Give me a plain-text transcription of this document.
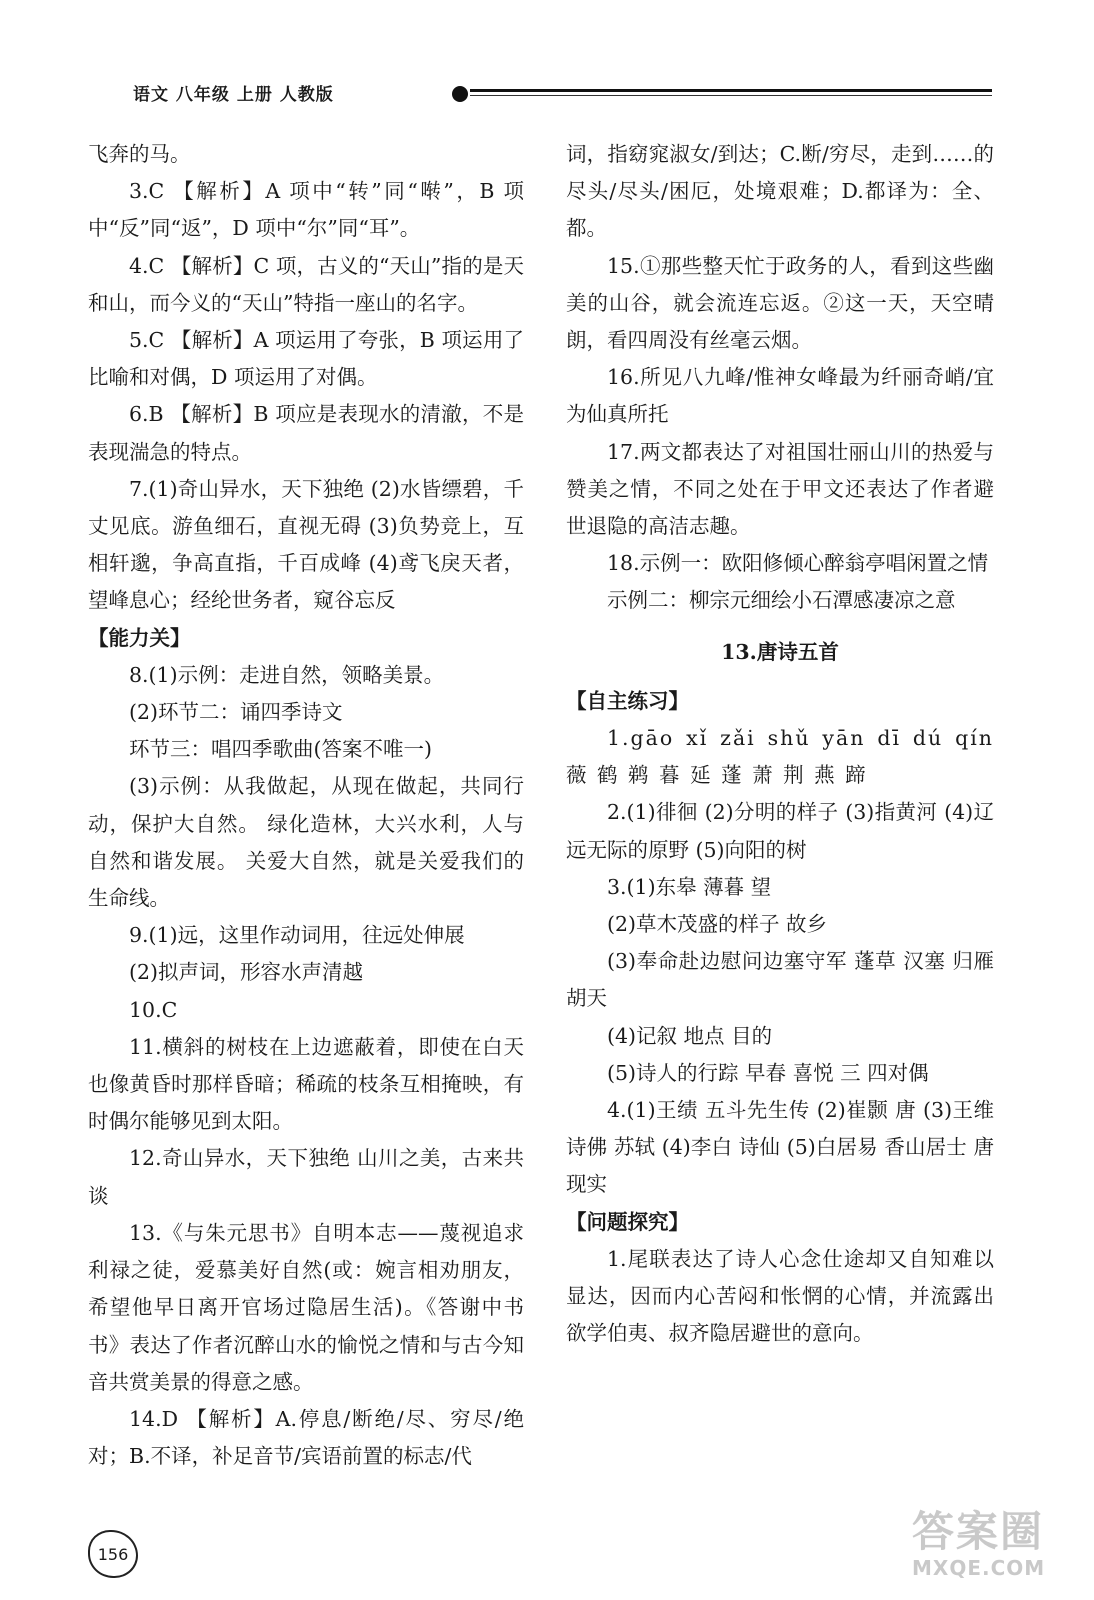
语文 八年级 上册 人教版

飞奔的马。

3.C 【解析】A 项中“转”同“啭”，B 项中“反”同“返”，D 项中“尔”同“耳”。

4.C 【解析】C 项，古义的“天山”指的是天和山，而今义的“天山”特指一座山的名字。

5.C 【解析】A 项运用了夸张，B 项运用了比喻和对偶，D 项运用了对偶。

6.B 【解析】B 项应是表现水的清澈，不是表现湍急的特点。

7.(1)奇山异水，天下独绝 (2)水皆缥碧，千丈见底。游鱼细石，直视无碍 (3)负势竞上，互相轩邈，争高直指，千百成峰 (4)鸢飞戾天者，望峰息心；经纶世务者，窥谷忘反

【能力关】

8.(1)示例：走进自然，领略美景。

(2)环节二：诵四季诗文

环节三：唱四季歌曲(答案不唯一)

(3)示例：从我做起，从现在做起，共同行动，保护大自然。 绿化造林，大兴水利，人与自然和谐发展。 关爱大自然，就是关爱我们的生命线。

9.(1)远，这里作动词用，往远处伸展

(2)拟声词，形容水声清越

10.C

11.横斜的树枝在上边遮蔽着，即使在白天也像黄昏时那样昏暗；稀疏的枝条互相掩映，有时偶尔能够见到太阳。

12.奇山异水，天下独绝 山川之美，古来共谈

13.《与朱元思书》自明本志——蔑视追求利禄之徒，爱慕美好自然(或：婉言相劝朋友，希望他早日离开官场过隐居生活)。《答谢中书书》表达了作者沉醉山水的愉悦之情和与古今知音共赏美景的得意之感。

14.D 【解析】A.停息/断绝/尽、穷尽/绝对；B.不译，补足音节/宾语前置的标志/代

词，指窈窕淑女/到达；C.断/穷尽，走到……的尽头/尽头/困厄，处境艰难；D.都译为：全、都。

15.①那些整天忙于政务的人，看到这些幽美的山谷，就会流连忘返。②这一天，天空晴朗，看四周没有丝毫云烟。

16.所见八九峰/惟神女峰最为纤丽奇峭/宜为仙真所托

17.两文都表达了对祖国壮丽山川的热爱与赞美之情，不同之处在于甲文还表达了作者避世退隐的高洁志趣。

18.示例一：欧阳修倾心醉翁亭唱闲置之情

示例二：柳宗元细绘小石潭感凄凉之意

13.唐诗五首

【自主练习】

1.gāo xǐ zǎi shǔ yān dī dú qín 薇 鹤 鹈 暮 延 蓬 萧 荆 燕 蹄

2.(1)徘徊 (2)分明的样子 (3)指黄河 (4)辽远无际的原野 (5)向阳的树

3.(1)东皋 薄暮 望

(2)草木茂盛的样子 故乡

(3)奉命赴边慰问边塞守军 蓬草 汉塞 归雁 胡天

(4)记叙 地点 目的

(5)诗人的行踪 早春 喜悦 三 四对偶

4.(1)王绩 五斗先生传 (2)崔颢 唐 (3)王维 诗佛 苏轼 (4)李白 诗仙 (5)白居易 香山居士 唐 现实

【问题探究】

1.尾联表达了诗人心念仕途却又自知难以显达，因而内心苦闷和怅惘的心情，并流露出欲学伯夷、叔齐隐居避世的意向。

156	答案圈
MXQE.COM
